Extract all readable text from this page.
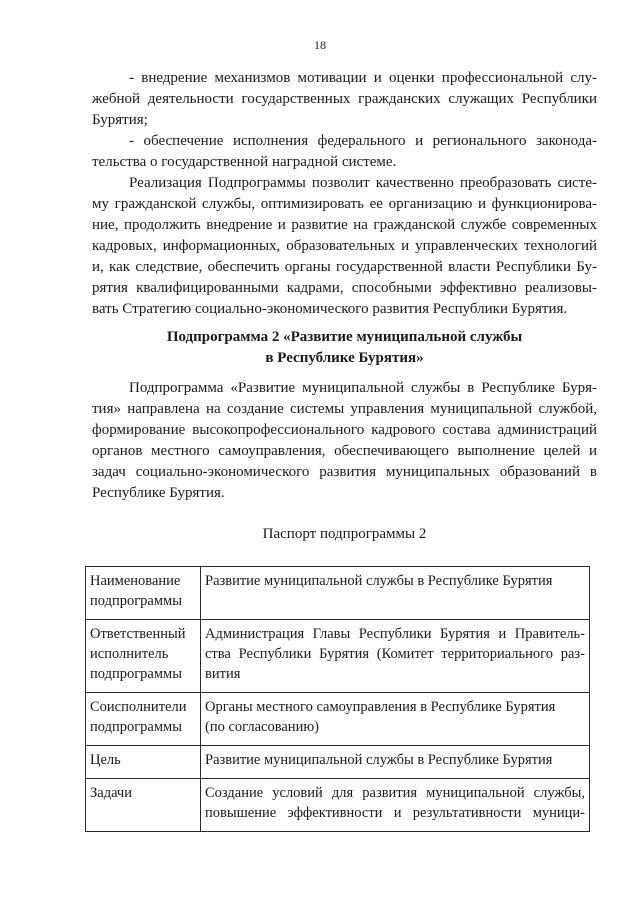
18
- внедрение механизмов мотивации и оценки профессиональной слу-
жебной деятельности государственных гражданских служащих Республики
Бурятия;
- обеспечение исполнения федерального и регионального законода-
тельства о государственной наградной системе.
Реализация Подпрограммы позволит качественно преобразовать систе-
му гражданской службы, оптимизировать ее организацию и функционирова-
ние, продолжить внедрение и развитие на гражданской службе современных
кадровых, информационных, образовательных и управленческих технологий
и, как следствие, обеспечить органы государственной власти Республики Бу-
рятия квалифицированными кадрами, способными эффективно реализовы-
вать Стратегию социально-экономического развития Республики Бурятия.
Подпрограмма 2 «Развитие муниципальной службы
в Республике Бурятия»
Подпрограмма «Развитие муниципальной службы в Республике Буря-
тия» направлена на создание системы управления муниципальной службой,
формирование высокопрофессионального кадрового состава администраций
органов местного самоуправления, обеспечивающего выполнение целей и
задач социально-экономического развития муниципальных образований в
Республике Бурятия.
Паспорт подпрограммы 2
Наименование
подпрограммы	Развитие муниципальной службы в Республике Бурятия

Ответственный
исполнитель
подпрограммы	Администрация Главы Республики Бурятия и Правитель-
ства Республики Бурятия (Комитет территориального раз-
вития

Соисполнители
подпрограммы	Органы местного самоуправления в Республике Бурятия
(по согласованию)

Цель	Развитие муниципальной службы в Республике Бурятия

Задачи	Создание условий для развития муниципальной службы,
повышение эффективности и результативности муници-
